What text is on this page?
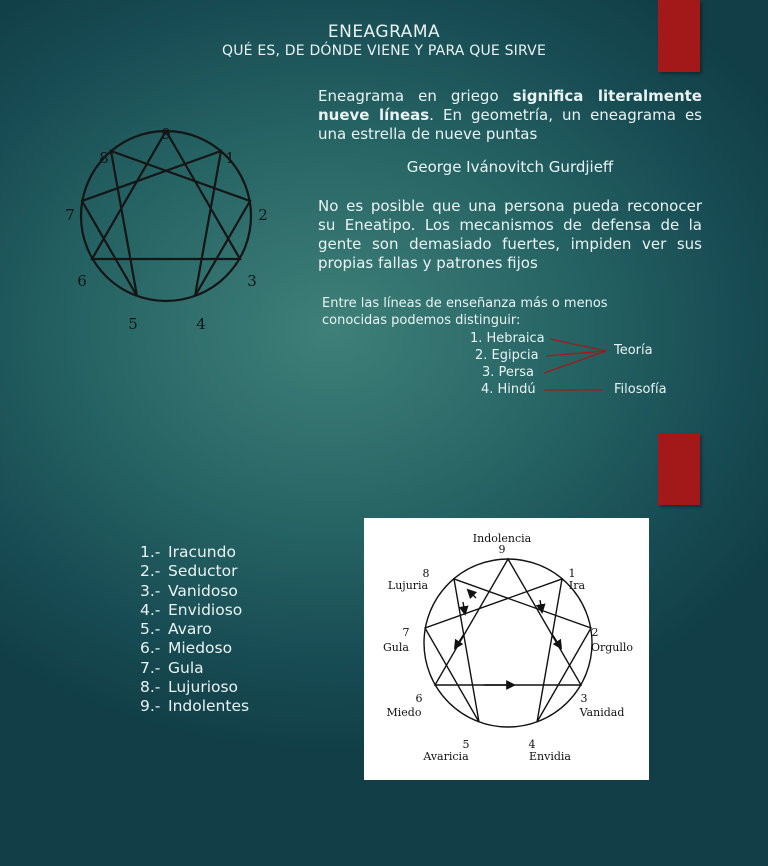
ENEAGRAMA
QUÉ ES, DE DÓNDE VIENE Y PARA QUE SIRVE
9
1
2
3
4
5
6
7
8
Eneagrama en griego significa literalmente nueve líneas. En geometría, un eneagrama es una estrella de nueve puntas
George Ivánovitch Gurdjieff
No es posible que una persona pueda reconocer su Eneatipo. Los mecanismos de defensa de la gente son demasiado fuertes, impiden ver sus propias fallas y patrones fijos
Entre las líneas de enseñanza más o menos conocidas podemos distinguir:
1. Hebraica
2. Egipcia
3. Persa
4. Hindú
Teoría
Filosofía
1.- Iracundo
2.- Seductor
3.- Vanidoso
4.- Envidioso
5.- Avaro
6.- Miedoso
7.- Gula
8.- Lujurioso
9.- Indolentes
Indolencia
9
1
Ira
2
Orgullo
3
Vanidad
4
Envidia
5
Avaricia
6
Miedo
7
Gula
8
Lujuria
